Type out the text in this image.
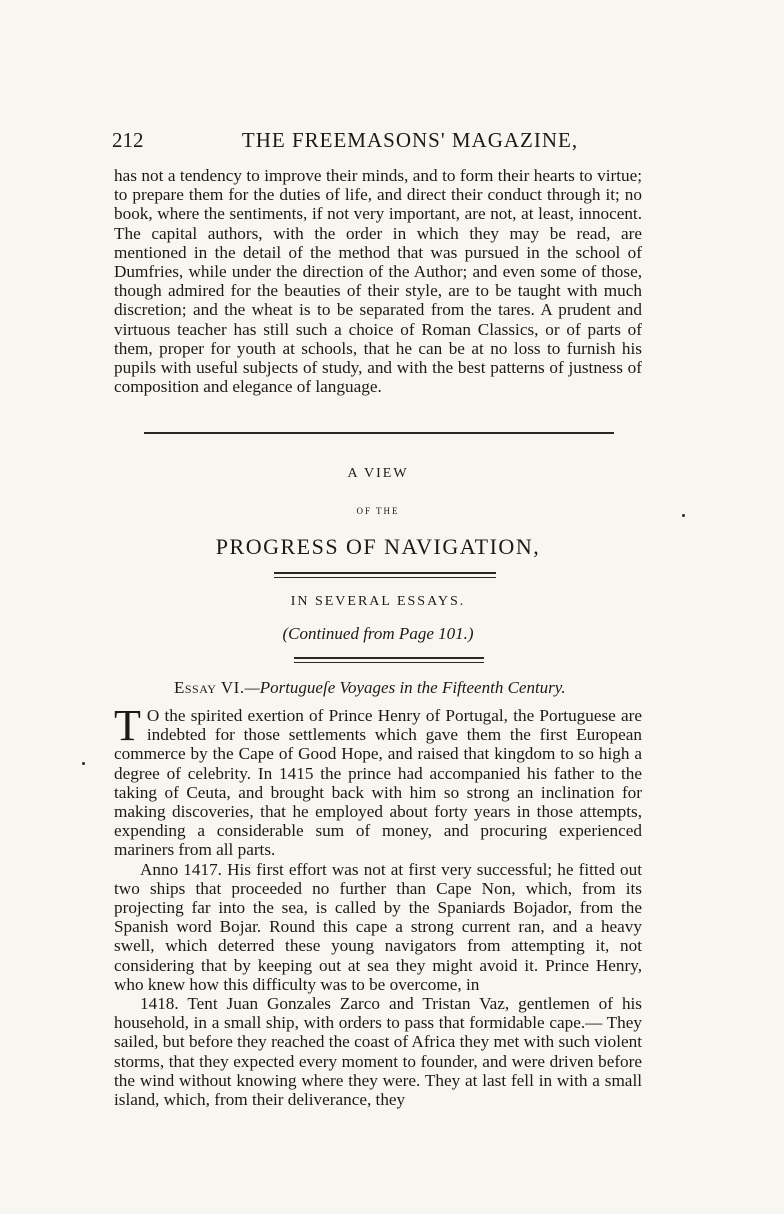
212	THE FREEMASONS' MAGAZINE,

has not a tendency to improve their minds, and to form their hearts to virtue; to prepare them for the duties of life, and direct their conduct through it; no book, where the sentiments, if not very important, are not, at least, innocent. The capital authors, with the order in which they may be read, are mentioned in the detail of the method that was pursued in the school of Dumfries, while under the direction of the Author; and even some of those, though admired for the beauties of their style, are to be taught with much discretion; and the wheat is to be separated from the tares. A prudent and virtuous teacher has still such a choice of Roman Classics, or of parts of them, proper for youth at schools, that he can be at no loss to furnish his pupils with useful subjects of study, and with the best patterns of justness of composition and elegance of language.

A VIEW
OF THE
PROGRESS OF NAVIGATION,
IN SEVERAL ESSAYS.
(Continued from Page 101.)
Essay VI.—Portugueſe Voyages in the Fifteenth Century.

T O the spirited exertion of Prince Henry of Portugal, the Portuguese are indebted for those settlements which gave them the first European commerce by the Cape of Good Hope, and raised that kingdom to so high a degree of celebrity. In 1415 the prince had accompanied his father to the taking of Ceuta, and brought back with him so strong an inclination for making discoveries, that he employed about forty years in those attempts, expending a considerable sum of money, and procuring experienced mariners from all parts.

Anno 1417. His first effort was not at first very successful; he fitted out two ships that proceeded no further than Cape Non, which, from its projecting far into the sea, is called by the Spaniards Bojador, from the Spanish word Bojar. Round this cape a strong current ran, and a heavy swell, which deterred these young navigators from attempting it, not considering that by keeping out at sea they might avoid it. Prince Henry, who knew how this difficulty was to be overcome, in

1418. Tent Juan Gonzales Zarco and Tristan Vaz, gentlemen of his household, in a small ship, with orders to pass that formidable cape.— They sailed, but before they reached the coast of Africa they met with such violent storms, that they expected every moment to founder, and were driven before the wind without knowing where they were. They at last fell in with a small island, which, from their deliverance, they
